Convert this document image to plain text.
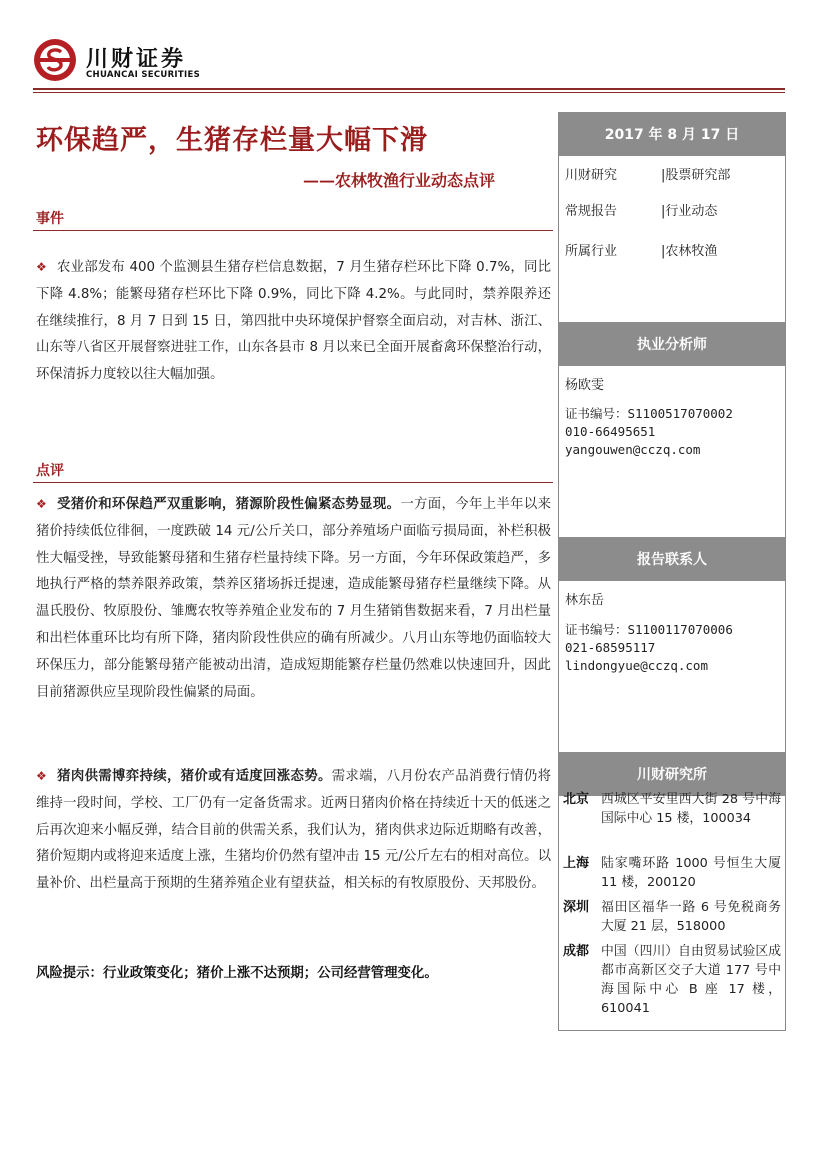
川财证券
CHUANCAI SECURITIES
环保趋严，生猪存栏量大幅下滑
——农林牧渔行业动态点评
事件
❖ 农业部发布 400 个监测县生猪存栏信息数据，7 月生猪存栏环比下降 0.7%，同比下降 4.8%；能繁母猪存栏环比下降 0.9%，同比下降 4.2%。与此同时，禁养限养还在继续推行，8 月 7 日到 15 日，第四批中央环境保护督察全面启动，对吉林、浙江、山东等八省区开展督察进驻工作，山东各县市 8 月以来已全面开展畜禽环保整治行动，环保清拆力度较以往大幅加强。
点评
❖ 受猪价和环保趋严双重影响，猪源阶段性偏紧态势显现。一方面，今年上半年以来猪价持续低位徘徊，一度跌破 14 元/公斤关口，部分养殖场户面临亏损局面，补栏积极性大幅受挫，导致能繁母猪和生猪存栏量持续下降。另一方面，今年环保政策趋严，多地执行严格的禁养限养政策，禁养区猪场拆迁提速，造成能繁母猪存栏量继续下降。从温氏股份、牧原股份、雏鹰农牧等养殖企业发布的 7 月生猪销售数据来看，7 月出栏量和出栏体重环比均有所下降，猪肉阶段性供应的确有所减少。八月山东等地仍面临较大环保压力，部分能繁母猪产能被动出清，造成短期能繁存栏量仍然难以快速回升，因此目前猪源供应呈现阶段性偏紧的局面。
❖ 猪肉供需博弈持续，猪价或有适度回涨态势。需求端，八月份农产品消费行情仍将维持一段时间，学校、工厂仍有一定备货需求。近两日猪肉价格在持续近十天的低迷之后再次迎来小幅反弹，结合目前的供需关系，我们认为，猪肉供求边际近期略有改善，猪价短期内或将迎来适度上涨，生猪均价仍然有望冲击 15 元/公斤左右的相对高位。以量补价、出栏量高于预期的生猪养殖企业有望获益，相关标的有牧原股份、天邦股份。
风险提示：行业政策变化；猪价上涨不达预期；公司经营管理变化。
2017 年 8 月 17 日
川财研究	|股票研究部
常规报告	|行业动态
所属行业	|农林牧渔
执业分析师
杨欧雯
证书编号：S1100517070002
010-66495651
yangouwen@cczq.com
报告联系人
林东岳
证书编号：S1100117070006
021-68595117
lindongyue@cczq.com
川财研究所
北京 西城区平安里西大街 28 号中海国际中心 15 楼，100034
上海 陆家嘴环路 1000 号恒生大厦 11 楼，200120
深圳 福田区福华一路 6 号免税商务大厦 21 层，518000
成都 中国（四川）自由贸易试验区成都市高新区交子大道 177 号中海国际中心 B 座 17 楼，610041
